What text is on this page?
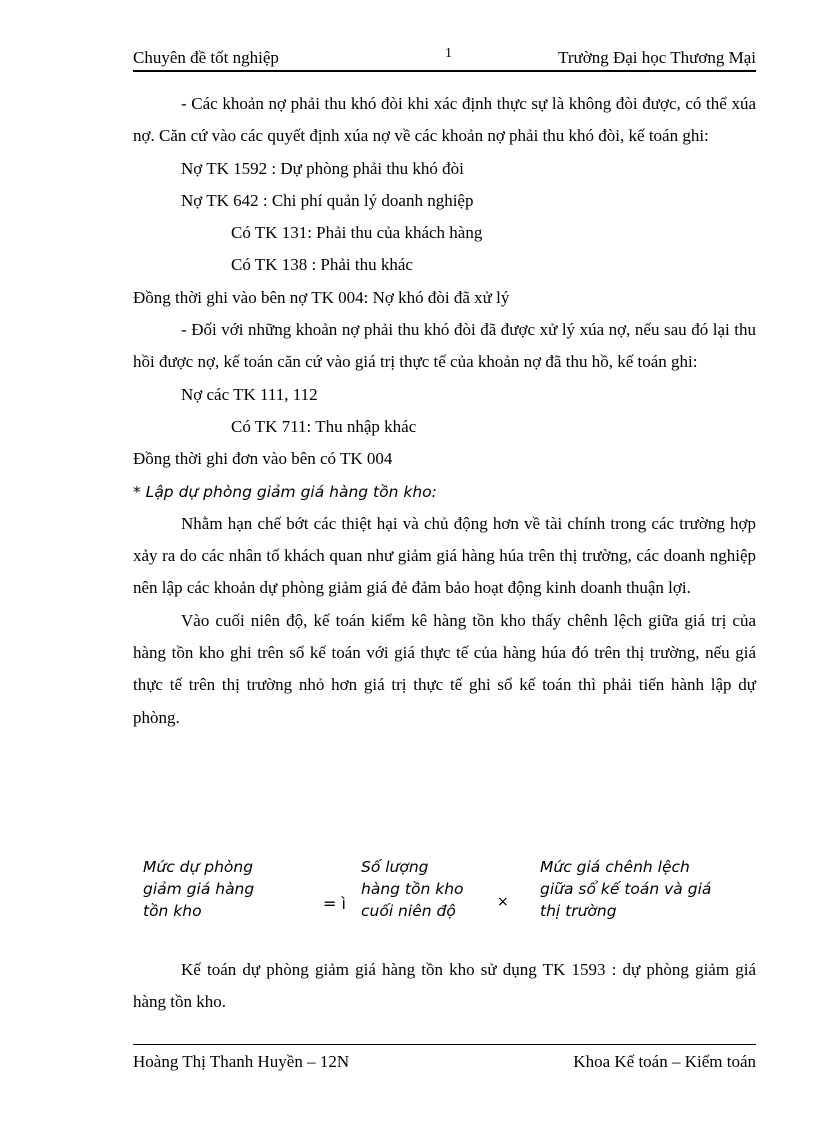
Chuyên đề tốt nghiệp	1	Trường Đại học Thương Mại

- Các khoản nợ phải thu khó đòi khi xác định thực sự là không đòi được, có thể xúa nợ. Căn cứ vào các quyết định xúa nợ về các khoản nợ phải thu khó đòi, kế toán ghi:

Nợ TK 1592 : Dự phòng phải thu khó đòi

Nợ TK 642 : Chi phí quản lý doanh nghiệp

Có TK 131: Phải thu của khách hàng

Có TK 138 : Phải thu khác

Đồng thời ghi vào bên nợ TK 004: Nợ khó đòi đã xử lý

- Đối với những khoản nợ phải thu khó đòi đã được xử lý xúa nợ, nếu sau đó lại thu hồi được nợ, kế toán căn cứ vào giá trị thực tế của khoản nợ đã thu hồ, kế toán ghi:

Nợ các TK 111, 112

Có TK 711: Thu nhập khác

Đồng thời ghi đơn vào bên có TK 004

* Lập dự phòng giảm giá hàng tồn kho:

Nhằm hạn chế bớt các thiệt hại và chủ động hơn về tài chính trong các trường hợp xảy ra do các nhân tố khách quan như giảm giá hàng húa trên thị trường, các doanh nghiệp nên lập các khoản dự phòng giảm giá đẻ đảm bảo hoạt động kinh doanh thuận lợi.

Vào cuối niên độ, kế toán kiểm kê hàng tồn kho thấy chênh lệch giữa giá trị của hàng tồn kho ghi trên sổ kế toán với giá thực tế của hàng húa đó trên thị trường, nếu giá thực tế trên thị trường nhỏ hơn giá trị thực tế ghi sổ kế toán thì phải tiến hành lập dự phòng.

Mức dự phòng
giảm giá hàng
tồn kho	= ì
Số lượng
hàng tồn kho
cuối niên độ	×
Mức giá chênh lệch
giữa sổ kế toán và giá
thị trường

Kế toán dự phòng giảm giá hàng tồn kho sử dụng TK 1593 : dự phòng giảm giá hàng tồn kho.

Hoàng Thị Thanh Huyền – 12N	Khoa Kế toán – Kiểm toán
